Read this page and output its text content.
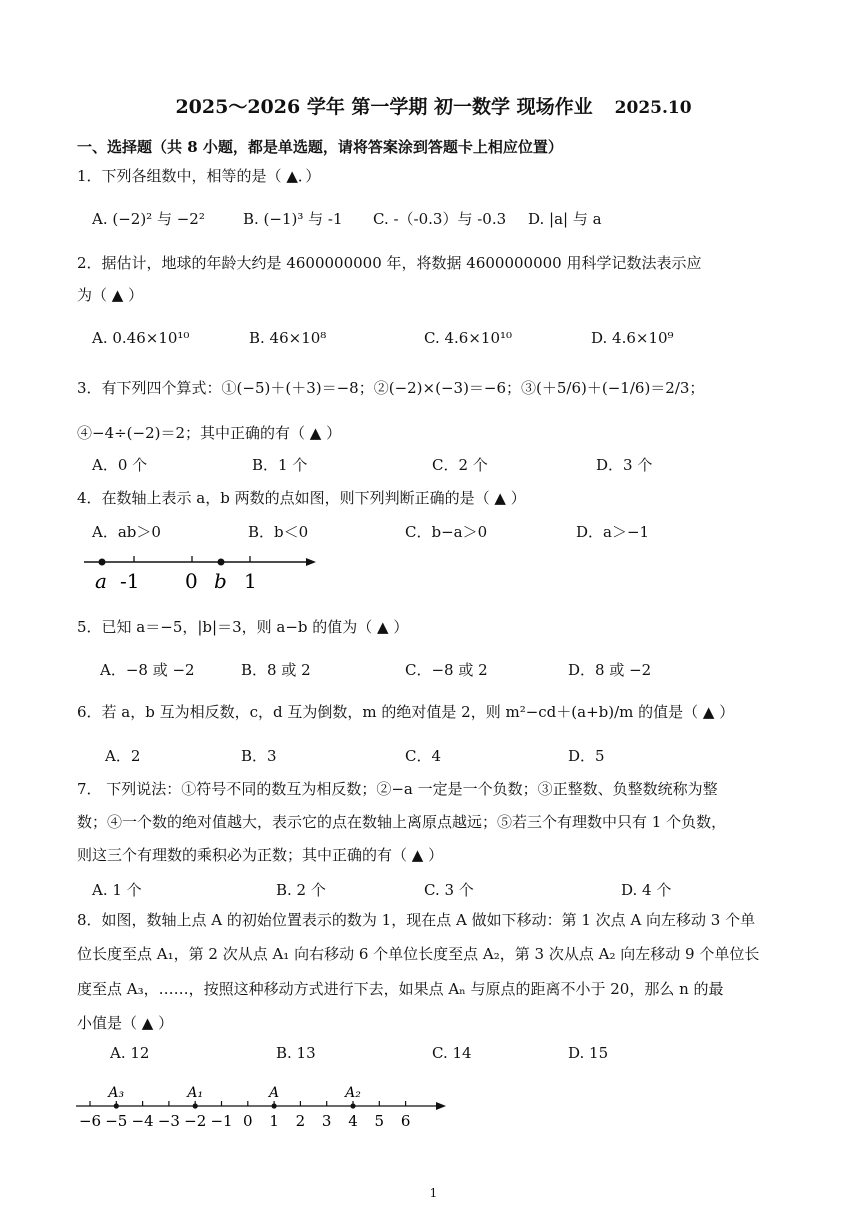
2025～2026 学年 第一学期 初一数学 现场作业 2025.10
一、选择题（共 8 小题，都是单选题，请将答案涂到答题卡上相应位置）
1．下列各组数中，相等的是（ ▲．）
A. (−2)² 与 −2²	B. (−1)³ 与 -1 C. -（-0.3）与 -0.3 D. |a| 与 a
2．据估计，地球的年龄大约是 4600000000 年，将数据 4600000000 用科学记数法表示应
为（ ▲ ）
A. 0.46×10¹⁰	B. 46×10⁸	C. 4.6×10¹⁰	D. 4.6×10⁹
3．有下列四个算式：①(−5)＋(＋3)＝−8；②(−2)×(−3)＝−6；③(＋5/6)＋(−1/6)＝2/3；
④−4÷(−2)＝2；其中正确的有（ ▲ ）
A．0 个	B．1 个	C．2 个	D．3 个
4．在数轴上表示 a，b 两数的点如图，则下列判断正确的是（ ▲ ）
A．ab＞0	B．b＜0	C．b−a＞0	D．a＞−1
a -1 0 b 1
5．已知 a＝−5，|b|＝3，则 a−b 的值为（ ▲ ）
A．−8 或 −2	B．8 或 2	C．−8 或 2	D．8 或 −2
6．若 a，b 互为相反数，c，d 互为倒数，m 的绝对值是 2，则 m²−cd＋(a+b)/m 的值是（ ▲ ）
A．2	B．3	C．4	D．5
7． 下列说法：①符号不同的数互为相反数；②−a 一定是一个负数；③正整数、负整数统称为整
数；④一个数的绝对值越大，表示它的点在数轴上离原点越远；⑤若三个有理数中只有 1 个负数，
则这三个有理数的乘积必为正数；其中正确的有（ ▲ ）
A. 1 个	B. 2 个	C. 3 个	D. 4 个
8．如图，数轴上点 A 的初始位置表示的数为 1，现在点 A 做如下移动：第 1 次点 A 向左移动 3 个单
位长度至点 A₁，第 2 次从点 A₁ 向右移动 6 个单位长度至点 A₂，第 3 次从点 A₂ 向左移动 9 个单位长
度至点 A₃，……，按照这种移动方式进行下去，如果点 Aₙ 与原点的距离不小于 20，那么 n 的最
小值是（ ▲ ）
A. 12	B. 13	C. 14	D. 15
−6 −5 −4 −3 −2 −1 0 1 2 3 4 5 6
A₃	A₁	A	A₂
1
